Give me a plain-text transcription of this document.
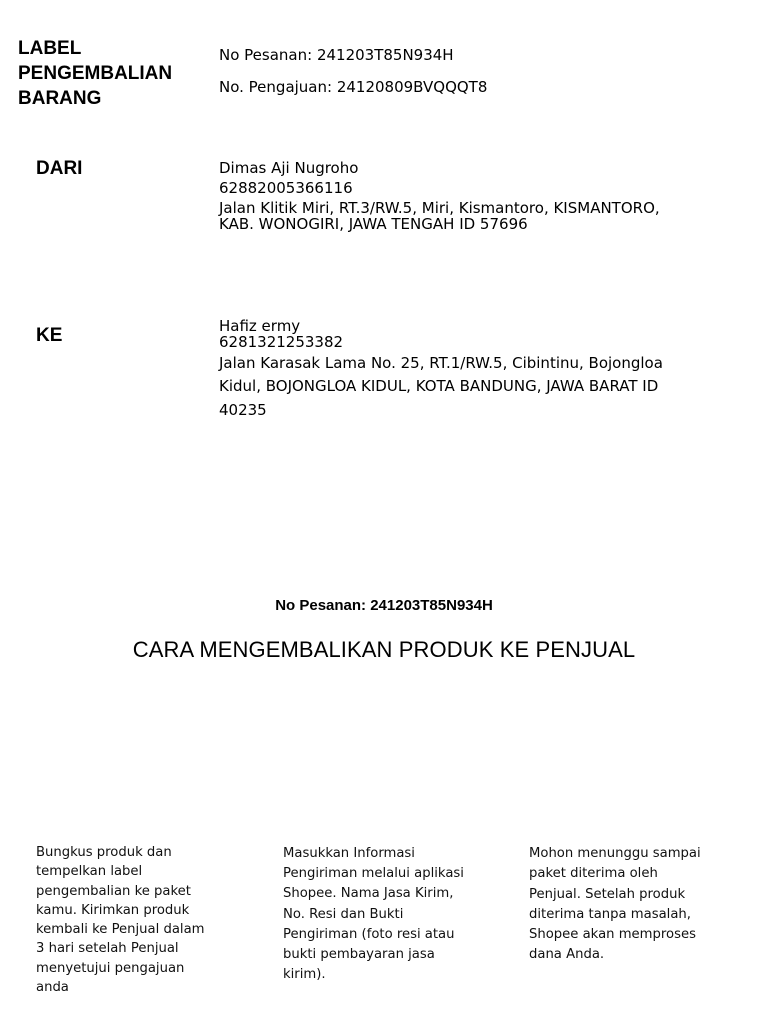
LABEL
PENGEMBALIAN
BARANG
No Pesanan: 241203T85N934H
No. Pengajuan: 24120809BVQQQT8
DARI	Dimas Aji Nugroho
62882005366116
Jalan Klitik Miri, RT.3/RW.5, Miri, Kismantoro, KISMANTORO,
KAB. WONOGIRI, JAWA TENGAH ID 57696
KE	Hafiz ermy
6281321253382
Jalan Karasak Lama No. 25, RT.1/RW.5, Cibintinu, Bojongloa
Kidul, BOJONGLOA KIDUL, KOTA BANDUNG, JAWA BARAT ID
40235
No Pesanan: 241203T85N934H
CARA MENGEMBALIKAN PRODUK KE PENJUAL
Bungkus produk dan
tempelkan label
pengembalian ke paket
kamu. Kirimkan produk
kembali ke Penjual dalam
3 hari setelah Penjual
menyetujui pengajuan
anda
Masukkan Informasi
Pengiriman melalui aplikasi
Shopee. Nama Jasa Kirim,
No. Resi dan Bukti
Pengiriman (foto resi atau
bukti pembayaran jasa
kirim).
Mohon menunggu sampai
paket diterima oleh
Penjual. Setelah produk
diterima tanpa masalah,
Shopee akan memproses
dana Anda.
